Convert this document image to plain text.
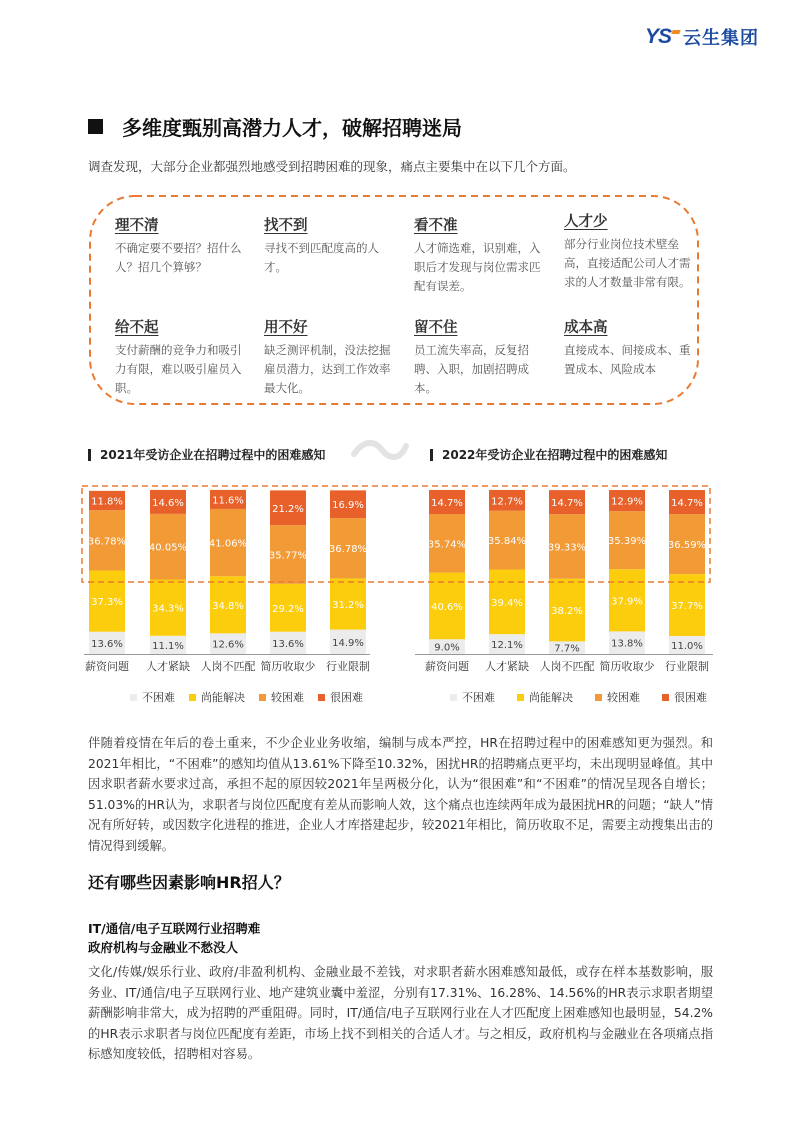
YS 云生集团
多维度甄别高潜力人才，破解招聘迷局
调查发现，大部分企业都强烈地感受到招聘困难的现象，痛点主要集中在以下几个方面。
理不清
不确定要不要招？招什么人？招几个算够？
找不到
寻找不到匹配度高的人才。
看不准
人才筛选难，识别难，入职后才发现与岗位需求匹配有误差。
人才少
部分行业岗位技术壁垒高，直接适配公司人才需求的人才数量非常有限。
给不起
支付薪酬的竞争力和吸引力有限，难以吸引雇员入职。
用不好
缺乏测评机制，没法挖掘雇员潜力，达到工作效率最大化。
留不住
员工流失率高，反复招聘、入职，加剧招聘成本。
成本高
直接成本、间接成本、重置成本、风险成本
2021年受访企业在招聘过程中的困难感知	2022年受访企业在招聘过程中的困难感知
13.6%
37.3%
36.78%
11.8%
薪资问题
11.1%
34.3%
40.05%
14.6%
人才紧缺
12.6%
34.8%
41.06%
11.6%
人岗不匹配
13.6%
29.2%
35.77%
21.2%
简历收取少
14.9%
31.2%
36.78%
16.9%
行业限制
9.0%
40.6%
35.74%
14.7%
薪资问题
12.1%
39.4%
35.84%
12.7%
人才紧缺
7.7%
38.2%
39.33%
14.7%
人岗不匹配
13.8%
37.9%
35.39%
12.9%
简历收取少
11.0%
37.7%
36.59%
14.7%
行业限制
不困难 尚能解决 较困难 很困难	不困难	尚能解决	较困难	很困难
伴随着疫情在年后的卷土重来，不少企业业务收缩，编制与成本严控，HR在招聘过程中的困难感知更为强烈。和2021年相比，“不困难”的感知均值从13.61%下降至10.32%，困扰HR的招聘痛点更平均，未出现明显峰值。其中因求职者薪水要求过高，承担不起的原因较2021年呈两极分化，认为“很困难”和“不困难”的情况呈现各自增长；51.03%的HR认为，求职者与岗位匹配度有差从而影响人效，这个痛点也连续两年成为最困扰HR的问题；“缺人”情况有所好转，或因数字化进程的推进，企业人才库搭建起步，较2021年相比，简历收取不足，需要主动搜集出击的情况得到缓解。
还有哪些因素影响HR招人？
IT/通信/电子互联网行业招聘难
政府机构与金融业不愁没人
文化/传媒/娱乐行业、政府/非盈利机构、金融业最不差钱，对求职者薪水困难感知最低，或存在样本基数影响，服务业、IT/通信/电子互联网行业、地产建筑业囊中羞涩，分别有17.31%、16.28%、14.56%的HR表示求职者期望薪酬影响非常大，成为招聘的严重阻碍。同时，IT/通信/电子互联网行业在人才匹配度上困难感知也最明显，54.2%的HR表示求职者与岗位匹配度有差距，市场上找不到相关的合适人才。与之相反，政府机构与金融业在各项痛点指标感知度较低，招聘相对容易。
